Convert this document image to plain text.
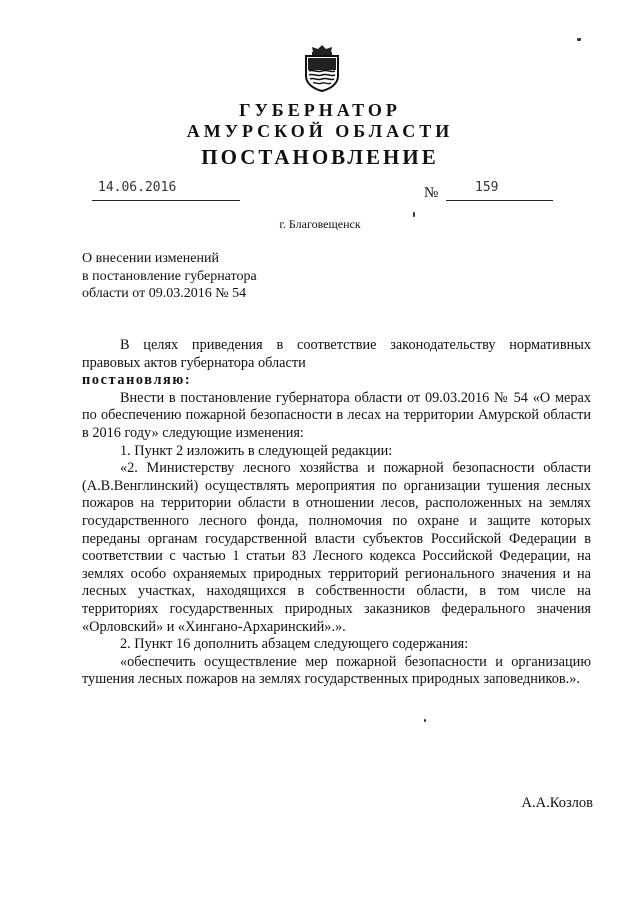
ГУБЕРНАТОР
АМУРСКОЙ ОБЛАСТИ
ПОСТАНОВЛЕНИЕ
14.06.2016	№	159
г. Благовещенск
О внесении изменений
в постановление губернатора
области от 09.03.2016 № 54

В целях приведения в соответствие законодательству нормативных правовых актов губернатора области

постановляю:

Внести в постановление губернатора области от 09.03.2016 № 54 «О мерах по обеспечению пожарной безопасности в лесах на территории Амурской области в 2016 году» следующие изменения:

1. Пункт 2 изложить в следующей редакции:

«2. Министерству лесного хозяйства и пожарной безопасности области (А.В.Венглинский) осуществлять мероприятия по организации тушения лесных пожаров на территории области в отношении лесов, расположенных на землях государственного лесного фонда, полномочия по охране и защите которых переданы органам государственной власти субъектов Российской Федерации в соответствии с частью 1 статьи 83 Лесного кодекса Российской Федерации, на землях особо охраняемых природных территорий регионального значения и на лесных участках, находящихся в собственности области, в том числе на территориях государственных природных заказников федерального значения «Орловский» и «Хингано-Архаринский».».

2. Пункт 16 дополнить абзацем следующего содержания:

«обеспечить осуществление мер пожарной безопасности и организацию тушения лесных пожаров на землях государственных природных заповедников.».

А.А.Козлов
